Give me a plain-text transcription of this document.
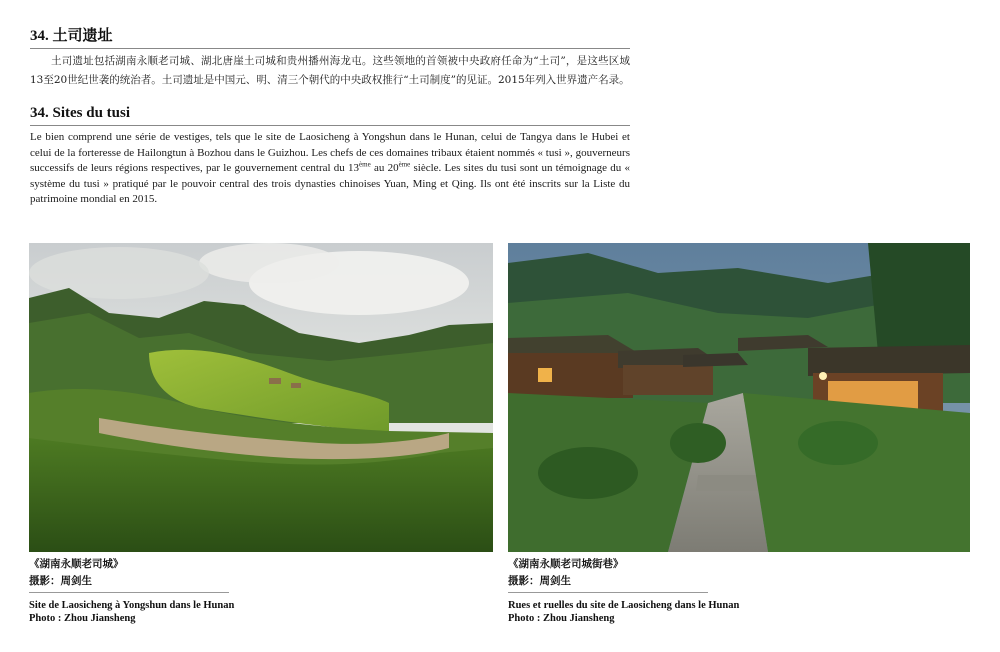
34. 土司遗址

土司遗址包括湖南永顺老司城、湖北唐崖土司城和贵州播州海龙屯。这些领地的首领被中央政府任命为“土司”，是这些区域13至20世纪世袭的统治者。土司遗址是中国元、明、清三个朝代的中央政权推行“土司制度”的见证。2015年列入世界遗产名录。

34. Sites du tusi

Le bien comprend une série de vestiges, tels que le site de Laosicheng à Yongshun dans le Hunan, celui de Tangya dans le Hubei et celui de la forteresse de Hailongtun à Bozhou dans le Guizhou. Les chefs de ces domaines tribaux étaient nommés « tusi », gouverneurs successifs de leurs régions respectives, par le gouvernement central du 13ème au 20ème siècle. Les sites du tusi sont un témoignage du « système du tusi » pratiqué par le pouvoir central des trois dynasties chinoises Yuan, Ming et Qing. Ils ont été inscrits sur la Liste du patrimoine mondial en 2015.

《湖南永顺老司城》

摄影：周剑生

Site de Laosicheng à Yongshun dans le Hunan

Photo : Zhou Jiansheng

《湖南永顺老司城街巷》

摄影：周剑生

Rues et ruelles du site de Laosicheng dans le Hunan

Photo : Zhou Jiansheng
